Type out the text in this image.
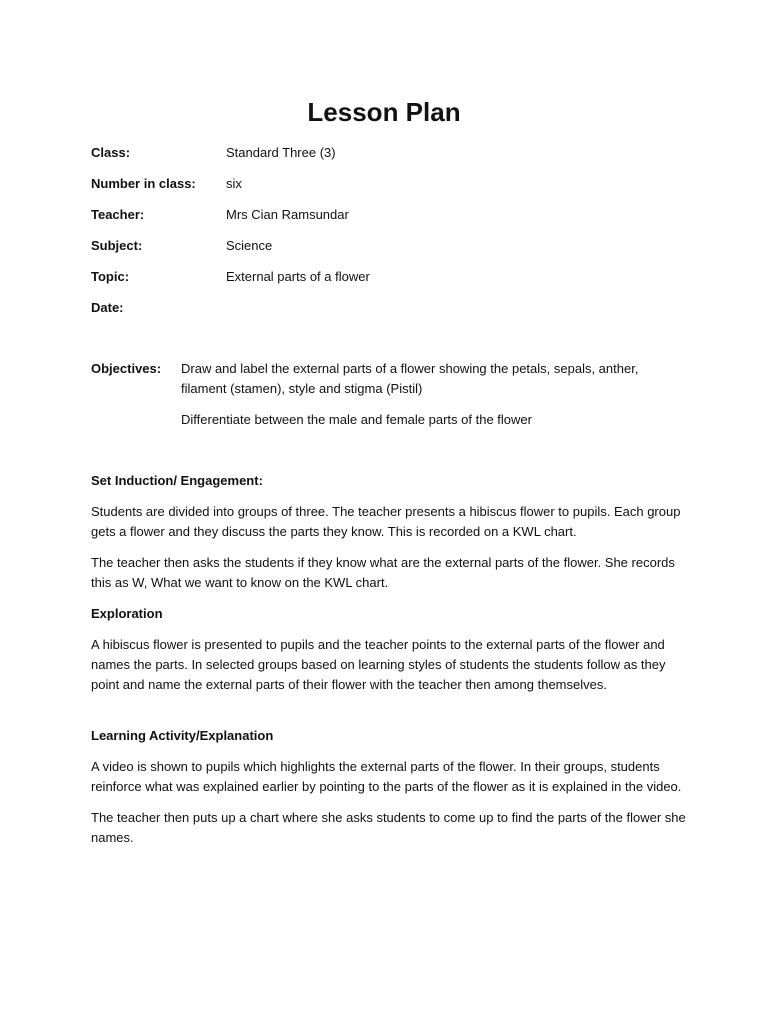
Lesson Plan
Class:	Standard Three (3)
Number in class: six
Teacher:	Mrs Cian Ramsundar
Subject:	Science
Topic:	External parts of a flower
Date:
Objectives: Draw and label the external parts of a flower showing the petals, sepals, anther, filament (stamen), style and stigma (Pistil)

Differentiate between the male and female parts of the flower

Set Induction/ Engagement:

Students are divided into groups of three. The teacher presents a hibiscus flower to pupils. Each group gets a flower and they discuss the parts they know. This is recorded on a KWL chart.

The teacher then asks the students if they know what are the external parts of the flower. She records this as W, What we want to know on the KWL chart.

Exploration

A hibiscus flower is presented to pupils and the teacher points to the external parts of the flower and names the parts. In selected groups based on learning styles of students the students follow as they point and name the external parts of their flower with the teacher then among themselves.

Learning Activity/Explanation

A video is shown to pupils which highlights the external parts of the flower. In their groups, students reinforce what was explained earlier by pointing to the parts of the flower as it is explained in the video.

The teacher then puts up a chart where she asks students to come up to find the parts of the flower she names.
